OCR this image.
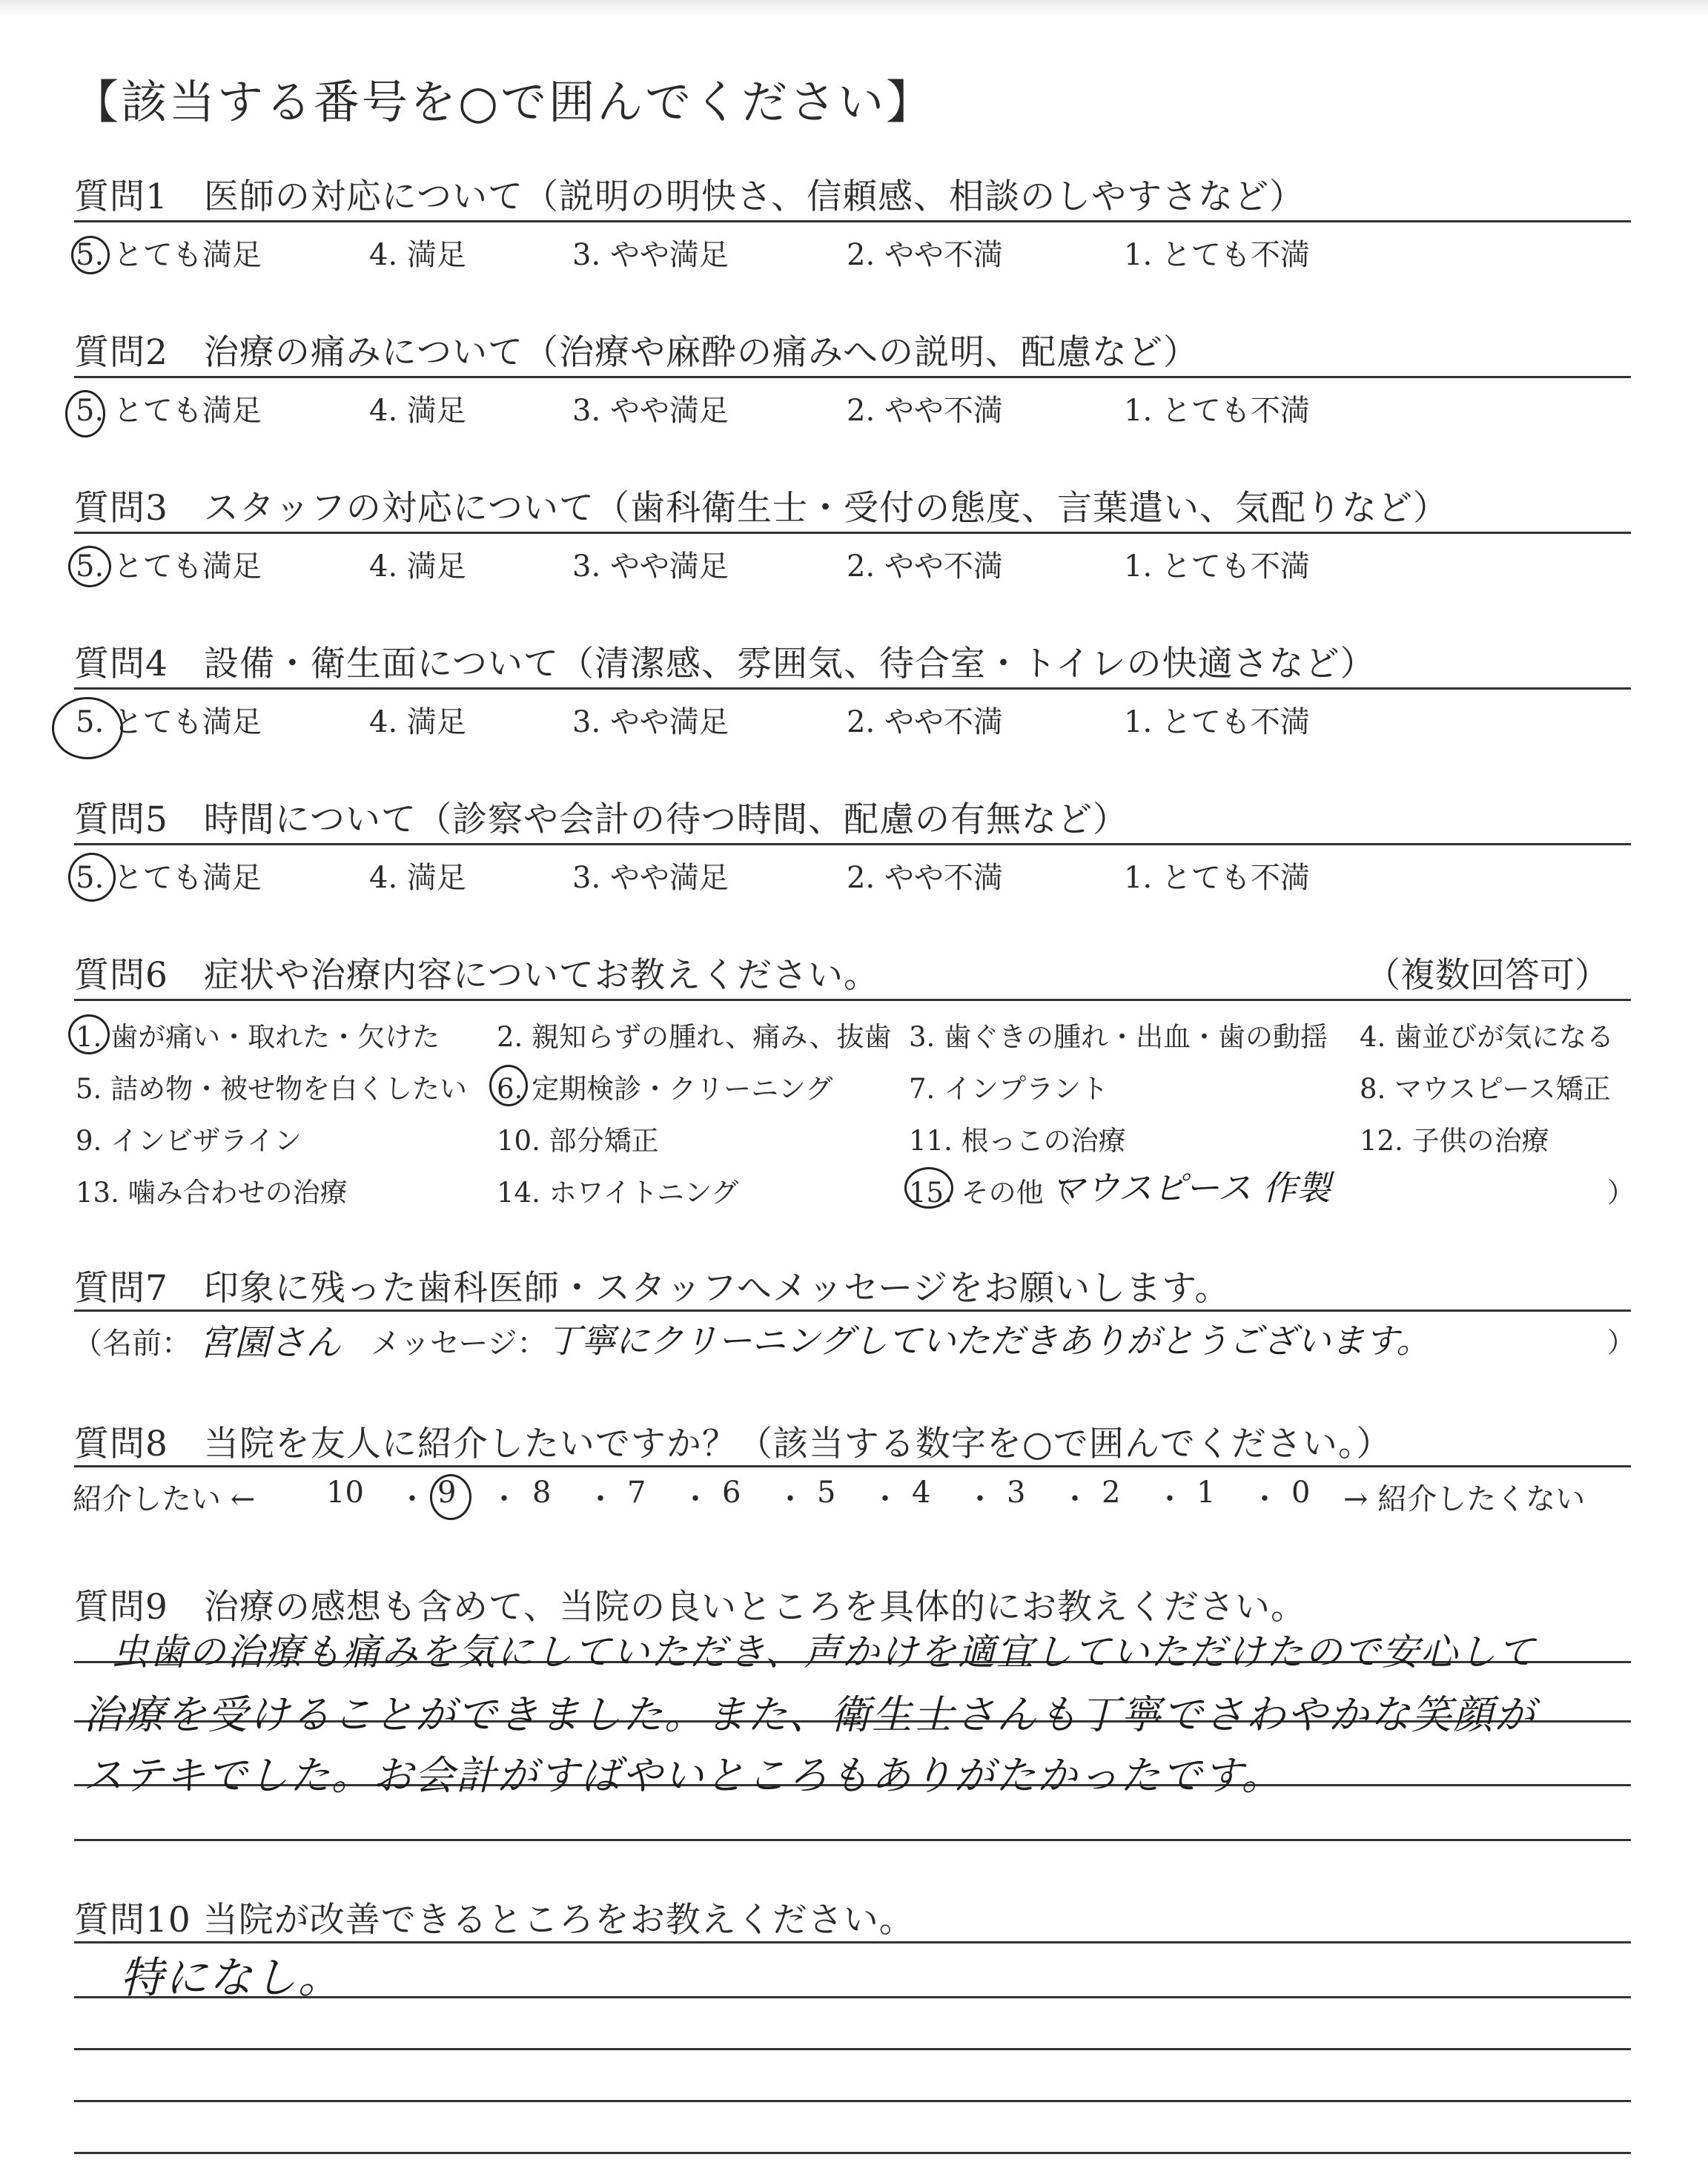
【該当する番号を○で囲んでください】
質問1　医師の対応について（説明の明快さ、信頼感、相談のしやすさなど）
5. とても満足	4. 満足	3. やや満足	2. やや不満	1. とても不満
質問2　治療の痛みについて（治療や麻酔の痛みへの説明、配慮など）
5. とても満足	4. 満足	3. やや満足	2. やや不満	1. とても不満
質問3　スタッフの対応について（歯科衛生士・受付の態度、言葉遣い、気配りなど）
5. とても満足	4. 満足	3. やや満足	2. やや不満	1. とても不満
質問4　設備・衛生面について（清潔感、雰囲気、待合室・トイレの快適さなど）
5. とても満足	4. 満足	3. やや満足	2. やや不満	1. とても不満
質問5　時間について（診察や会計の待つ時間、配慮の有無など）
5. とても満足	4. 満足	3. やや満足	2. やや不満	1. とても不満
質問6　症状や治療内容についてお教えください。	（複数回答可）
1. 歯が痛い・取れた・欠けた 2. 親知らずの腫れ、痛み、抜歯 3. 歯ぐきの腫れ・出血・歯の動揺 4. 歯並びが気になる
5. 詰め物・被せ物を白くしたい 6. 定期検診・クリーニング	7. インプラント	8. マウスピース矯正
9. インビザライン	10. 部分矯正	11. 根っこの治療	12. 子供の治療
13. 噛み合わせの治療	14. ホワイトニング	15. その他（
マウスピース 作製	）
質問7　印象に残った歯科医師・スタッフへメッセージをお願いします。
（名前： 宮園さん メッセージ： 丁寧にクリーニングしていただきありがとうございます。	）
質問8　当院を友人に紹介したいですか？（該当する数字を○で囲んでください。）
紹介したい ←	→ 紹介したくない
10 9	8	7	6	5	4	3	2	1	0
・ ・ ・ ・ ・ ・ ・ ・ ・ ・
質問9　治療の感想も含めて、当院の良いところを具体的にお教えください。
虫歯の治療も痛みを気にしていただき、声かけを適宜していただけたので安心して
治療を受けることができました。また、衛生士さんも丁寧でさわやかな笑顔が
ステキでした。お会計がすばやいところもありがたかったです。
質問10 当院が改善できるところをお教えください。
特になし。
